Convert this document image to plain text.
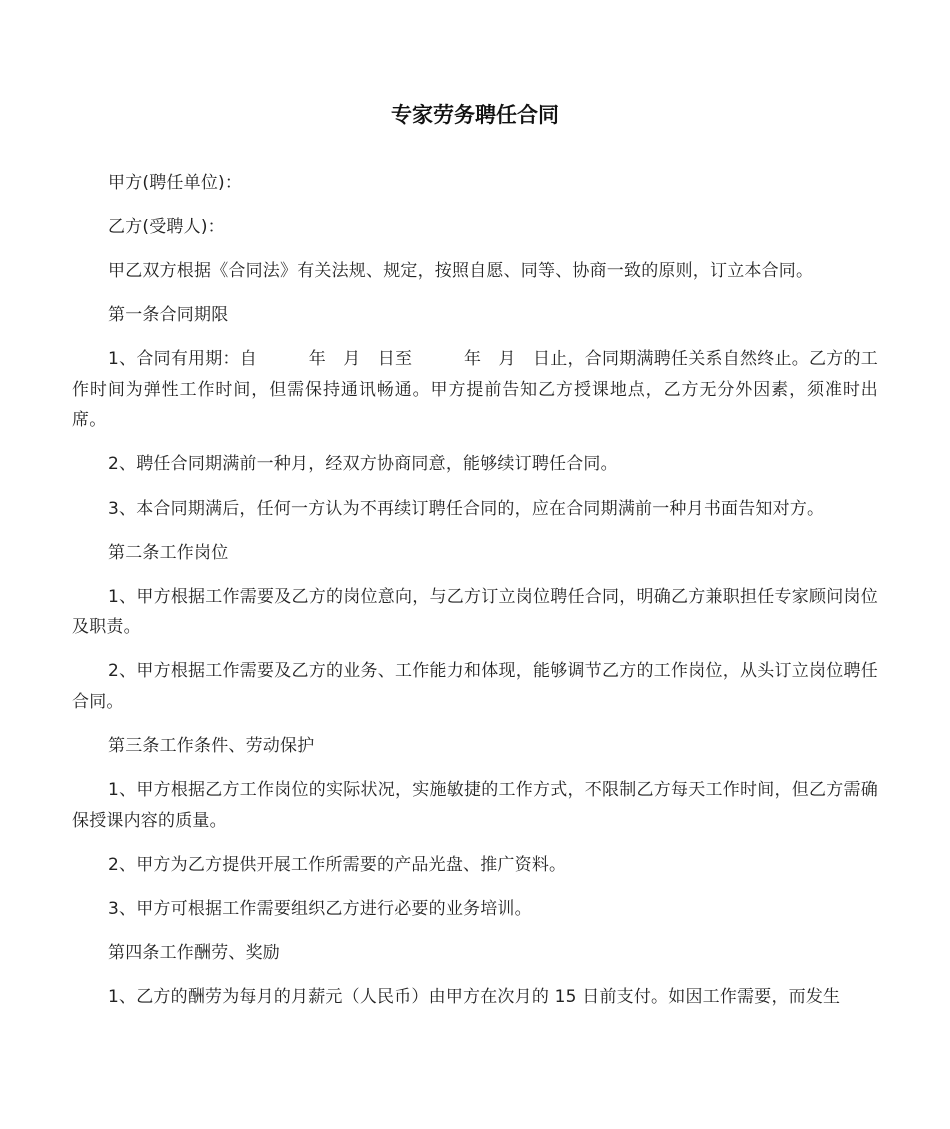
专家劳务聘任合同

甲方(聘任单位)：

乙方(受聘人)：

甲乙双方根据《合同法》有关法规、规定，按照自愿、同等、协商一致的原则，订立本合同。

第一条合同期限

1、合同有用期：自　　　年　月　日至　　　年　月　日止，合同期满聘任关系自然终止。乙方的工作时间为弹性工作时间，但需保持通讯畅通。甲方提前告知乙方授课地点，乙方无分外因素，须准时出席。

2、聘任合同期满前一种月，经双方协商同意，能够续订聘任合同。

3、本合同期满后，任何一方认为不再续订聘任合同的，应在合同期满前一种月书面告知对方。

第二条工作岗位

1、甲方根据工作需要及乙方的岗位意向，与乙方订立岗位聘任合同，明确乙方兼职担任专家顾问岗位及职责。

2、甲方根据工作需要及乙方的业务、工作能力和体现，能够调节乙方的工作岗位，从头订立岗位聘任合同。

第三条工作条件、劳动保护

1、甲方根据乙方工作岗位的实际状况，实施敏捷的工作方式，不限制乙方每天工作时间，但乙方需确保授课内容的质量。

2、甲方为乙方提供开展工作所需要的产品光盘、推广资料。

3、甲方可根据工作需要组织乙方进行必要的业务培训。

第四条工作酬劳、奖励

1、乙方的酬劳为每月的月薪元（人民币）由甲方在次月的 15 日前支付。如因工作需要，而发生
